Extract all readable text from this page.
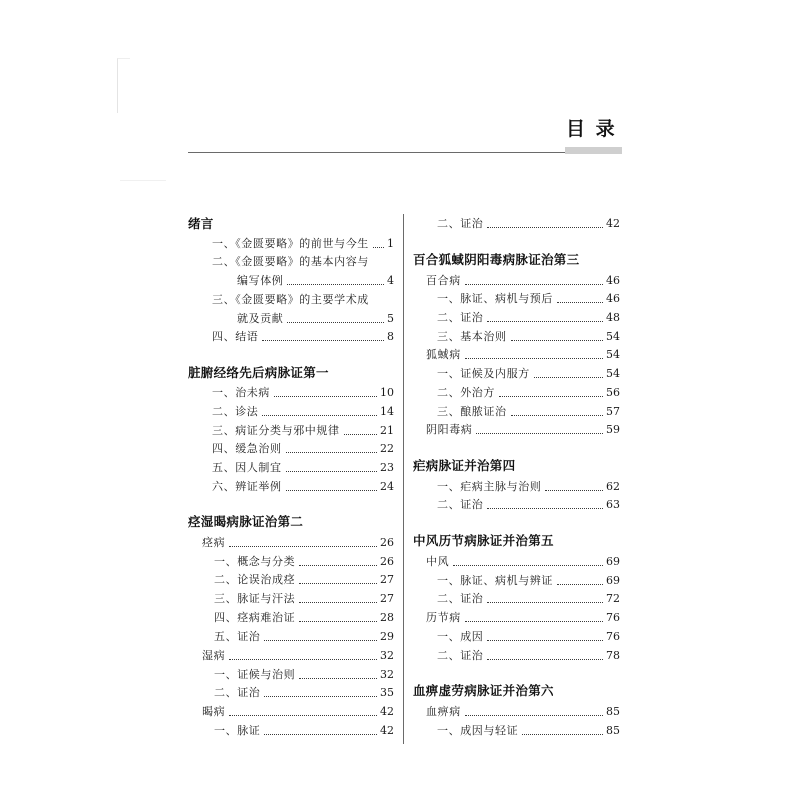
目 录
绪言
一、《金匮要略》的前世与今生 1
二、《金匮要略》的基本内容与
编写体例	4
三、《金匮要略》的主要学术成
就及贡献	5
四、结语	8
脏腑经络先后病脉证第一
一、治未病	10
二、诊法	14
三、病证分类与邪中规律	21
四、缓急治则	22
五、因人制宜	23
六、辨证举例	24
痉湿暍病脉证治第二
痉病	26
一、概念与分类	26
二、论误治成痉	27
三、脉证与汗法	27
四、痉病难治证	28
五、证治	29
湿病	32
一、证候与治则	32
二、证治	35
暍病	42
一、脉证	42
二、证治	42
百合狐蜮阴阳毒病脉证治第三
百合病	46
一、脉证、病机与预后	46
二、证治	48
三、基本治则	54
狐蜮病	54
一、证候及内服方	54
二、外治方	56
三、酿脓证治	57
阴阳毒病	59
疟病脉证并治第四
一、疟病主脉与治则	62
二、证治	63
中风历节病脉证并治第五
中风	69
一、脉证、病机与辨证	69
二、证治	72
历节病	76
一、成因	76
二、证治	78
血痹虚劳病脉证并治第六
血痹病	85
一、成因与轻证	85
